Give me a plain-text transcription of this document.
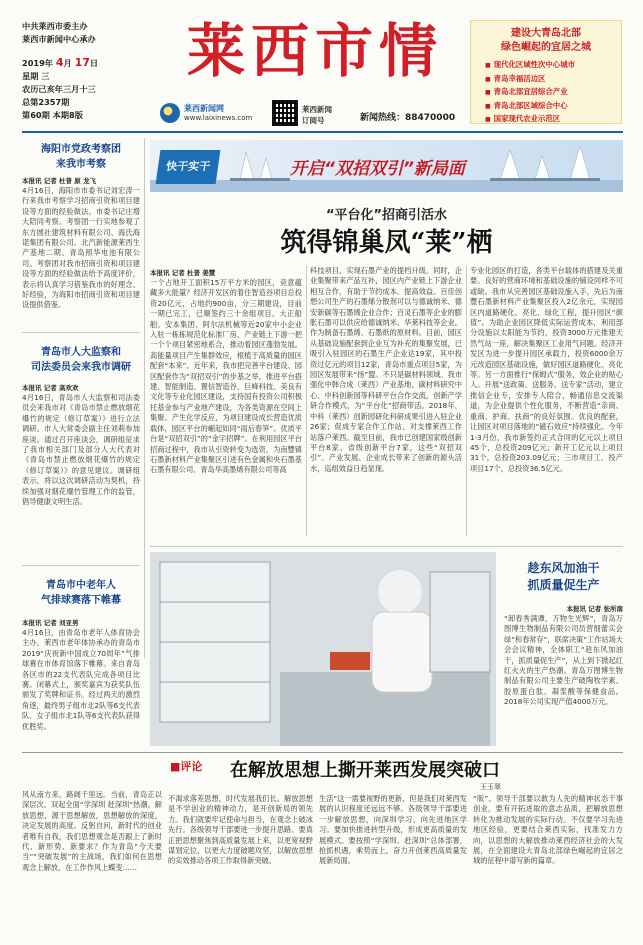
中共莱西市委主办
莱西市新闻中心承办
2019年 4月 17日
星期 三
农历己亥年三月十三
总第2357期
第60期 本期8版
莱西市情
莱西新闻网
www.laixinews.com
莱西新闻
订阅号	新闻热线：88470000
建设大青岛北部
绿色崛起的宜居之城
■ 现代化区域性次中心城市
■ 青岛幸福活边区
■ 青岛北部宜居综合产业
■ 青岛北部区域综合中心
■ 国家现代农业示范区
海阳市党政考察团
来我市考察
本报讯 记者 杜普 原 龙飞
4月16日，海阳市市委书记刘宏涛一行来我市考察学习招商引资和项目建设等方面的经验做法。市委书记庄增大陪同考察。考察团一行实地参观了东方圆社建筑材料有限公司、海氏海诺集团有限公司、北汽新能源莱西生产基地二期、青岛照华电池有限公司。考察团对我市招商引资和项目建设等方面的经验做法给予高度评价，表示将认真学习借鉴我市的好理念、好经验，为海阳市招商引资和项目建设提供借鉴。
青岛市人大监察和
司法委员会来我市调研
本报讯 记者 高欢欢
4月16日，青岛市人大监察和司法委员会来我市对《青岛市禁止燃放烟花爆竹的规定（修订草案）》进行立法调研。市人大常委会副主任刘莉参加座谈。通过召开座谈会，调研组征求了我市相关部门及部分人大代表对《青岛市禁止燃放烟花爆竹的规定（修订草案）》的意见建议。调研组表示，将以这次调研活动为契机，持续加强对烟花爆竹管理工作的监管，倡导健康文明生活。
青岛市中老年人
气排球赛落下帷幕
本报讯 记者 刘亚男
4月16日，由青岛市老年人体育协会主办，莱西市老年体协承办的青岛市2019“庆祝新中国成立70周年”气排球赛在市体育馆落下帷幕。来自青岛各区市的22支代表队完成各项目比赛。闭幕式上，颁奖嘉宾为获奖队伍颁发了奖牌和证书。经过两天的激烈角逐，最终男子组市北2队等6支代表队、女子组市北1队等6支代表队获得优胜奖。
快干实干	开启“双招双引”新局面
“平台化”招商引活水
筑得锦巢凤“莱”栖
本报讯 记者 杜普 姜慧
一个占地开工面积15万平方米的园区，竞意蕴藏多大能量？经济开发区的着住智造谷项目总投资20亿元，占地约900亩，分三期建设，目前一期已完工，已顺签约三十余组项目。大正船舶、安本集团、阿尔法机械等近20家中小企业入驻一栋栋规范化标准厂房，产业链上下游一把一个个项目紧密地系合，推动着园区蓬勃发展。高能量项目产生集群效应，根植于高质量的园区配套“本来”。近年来，我市把完善平台建设、园区配套作为“双招双引”的步基之举，推进平台搭建、智能制造、置信智造谷、巨峰科技、美良有文化等专业化园区建设，支持国有投资公司积极托基金参与产业地产建设，为各类资源在空间上集聚、产生化学反应，为项目建设成长营造优质载体，园区平台的崛起如同“雨后春笋”。优质平台是“双招双引”的“金字招牌”。在利用园区平台招商过程中，我市从引资转变为选资，为南豐镇石墨新材料产业集聚区引进有色金属和央石墨基石墨有限公司、青岛华高墨烯有限公司等高
科技项目，实现石墨产业的提档升级。同时，企业集聚带来产品互补，园区内产业链上下游企业相互合作，有助于节约成本、提高效益。百佳创想公司生产的石墨烯分散剂可以与德诚纳米、德安新碳等石墨烯企业合作；百灵石墨等企业的膨胀石墨可以供应给德诚纳米、华莱科技等企业，作为制备石墨烯、石墨纸的原材料。目前，园区从基础设施配套到企业互为补充的集聚发展，已吸引入驻园区的石墨生产企业达19家，其中投资过亿元的项目12家，青岛市重点项目5家，为园区发展带来“扬”盟。不只是碳材料领域。我市强化中韩合成（莱西）产业基地、碳材料研究中心、中科创新园等科研平台合作交流，创新产学研合作模式，为“平台化”招商带活。2018年，中科（莱西）创新园研化科研成果引进入驻企业26家；促成专家合作工作站，对支撑莱西工作站落户莱西。截至目前，我市已创建国家级创新平台8家、省级创新平台7家，这些“双招双引”、产业发展、企业成长带来了创新的源头活水，巡组效益日趋显现。
专业化园区的打造，各类平台载体的搭建及关重要。良好的营商环境和基础设施的铺设同样不可或缺。我市从完善园区基础设施入手，先后为南豐石墨新材料产业集聚区投入2亿余元，实现园区内道路硬化、亮化、绿化工程，提升园区“颜值”。为助企业园区降低实际运营成本，利用部分设施以太阳能为节约，投资3000万元推建天然气站一座，解决集聚区工业用气问题。经济开发区为进一步提升园区承载力，投资6000余万元改造园区基础设施，做好园区道路硬化、亮化等。另一方面推行“保姆式”服务，效企业的贴心人。开展“送政策、送服务、送专家”活动，建立推信企业专，安排专人陪合，畅通信息交流渠道，为企业提供个性化服务，不断营造“亲商、重商、护商、扶商”的良好氛围。优良的配套，让园区对项目落地的“磁石效应”持续强化。今年1-3月份，我市新签约正式合同的亿元以上项目45个，总投资209亿元；新开工亿元以上项目31个，总投资203.09亿元；三市项目工、投产项目17个，总投资36.5亿元。
趁东风加油干
抓质量促生产
本报讯 记者 张所南
“卸春秀满谭，万物生光辉”，青岛万图博生物制品有限公司员营细蕾实会绿“和春常存”，联席决策“工作站场大会会议精神，全体职工“趁东风加油干，抓质量促生产”，从上到下掀起红红火火的生产热潮。青岛万图博生物制品有限公司主要生产破陶牧学素、胶原蛋白肽、凝浆酸等保健食品。2018年公司实现产值4000万元。
■评论 在解放思想上撕开莱西发展突破口
王玉翠
风从南方来，路阔千里远。当前，青岛正以深层次、双起全面“学深圳 赶深圳”热潮。解放思想，源于思想解放，思想解放的深度，决定发展的高度。反躬自问，新时代的创业者唯有自我，我们思想观念是否跟上了新时代、新形势、新要求？作为青岛“今天要当”“突破发展”的主战场，我们如何在思想观念上解放，在工作作风上蝶变……
不渴求落差思想，时代发展我们长。解放思想是不学创业的精神动力，是开创新局的领先力。我们就要牢记使命与担当，在观念上破冰先行。各级领导干部要进一步提升思路、要真正把思想聚焦到高质量发展上来，以更宽视野谋划定位，以更大力度破题攻坚，以解放思想的实效推动各项工作取得新突破。
生活”这一需要视野的更新，但是我们对莱西发展的认识程度还远远不够。各级领导干部要进一步解放思想，向深圳学习、向先进地区学习。要加快推进转型升级，形成更高质量的发展模式。要按照“学深圳、赶深圳”总体部署，抢抓机遇，乘势而上，奋力开创莱西高质量发展新局面。
“版”。领导干部要以敢为人先的精神状态干事创业，要有开拓进取的意志品质，把解放思想转化为推动发展的实际行动。不仅要学习先进地区经验，更要结合莱西实际，找准发力方向，以思想的大解放推动莱西经济社会的大发展，在全面建设大青岛北部绿色崛起的宜居之城的征程中谱写新的篇章。
